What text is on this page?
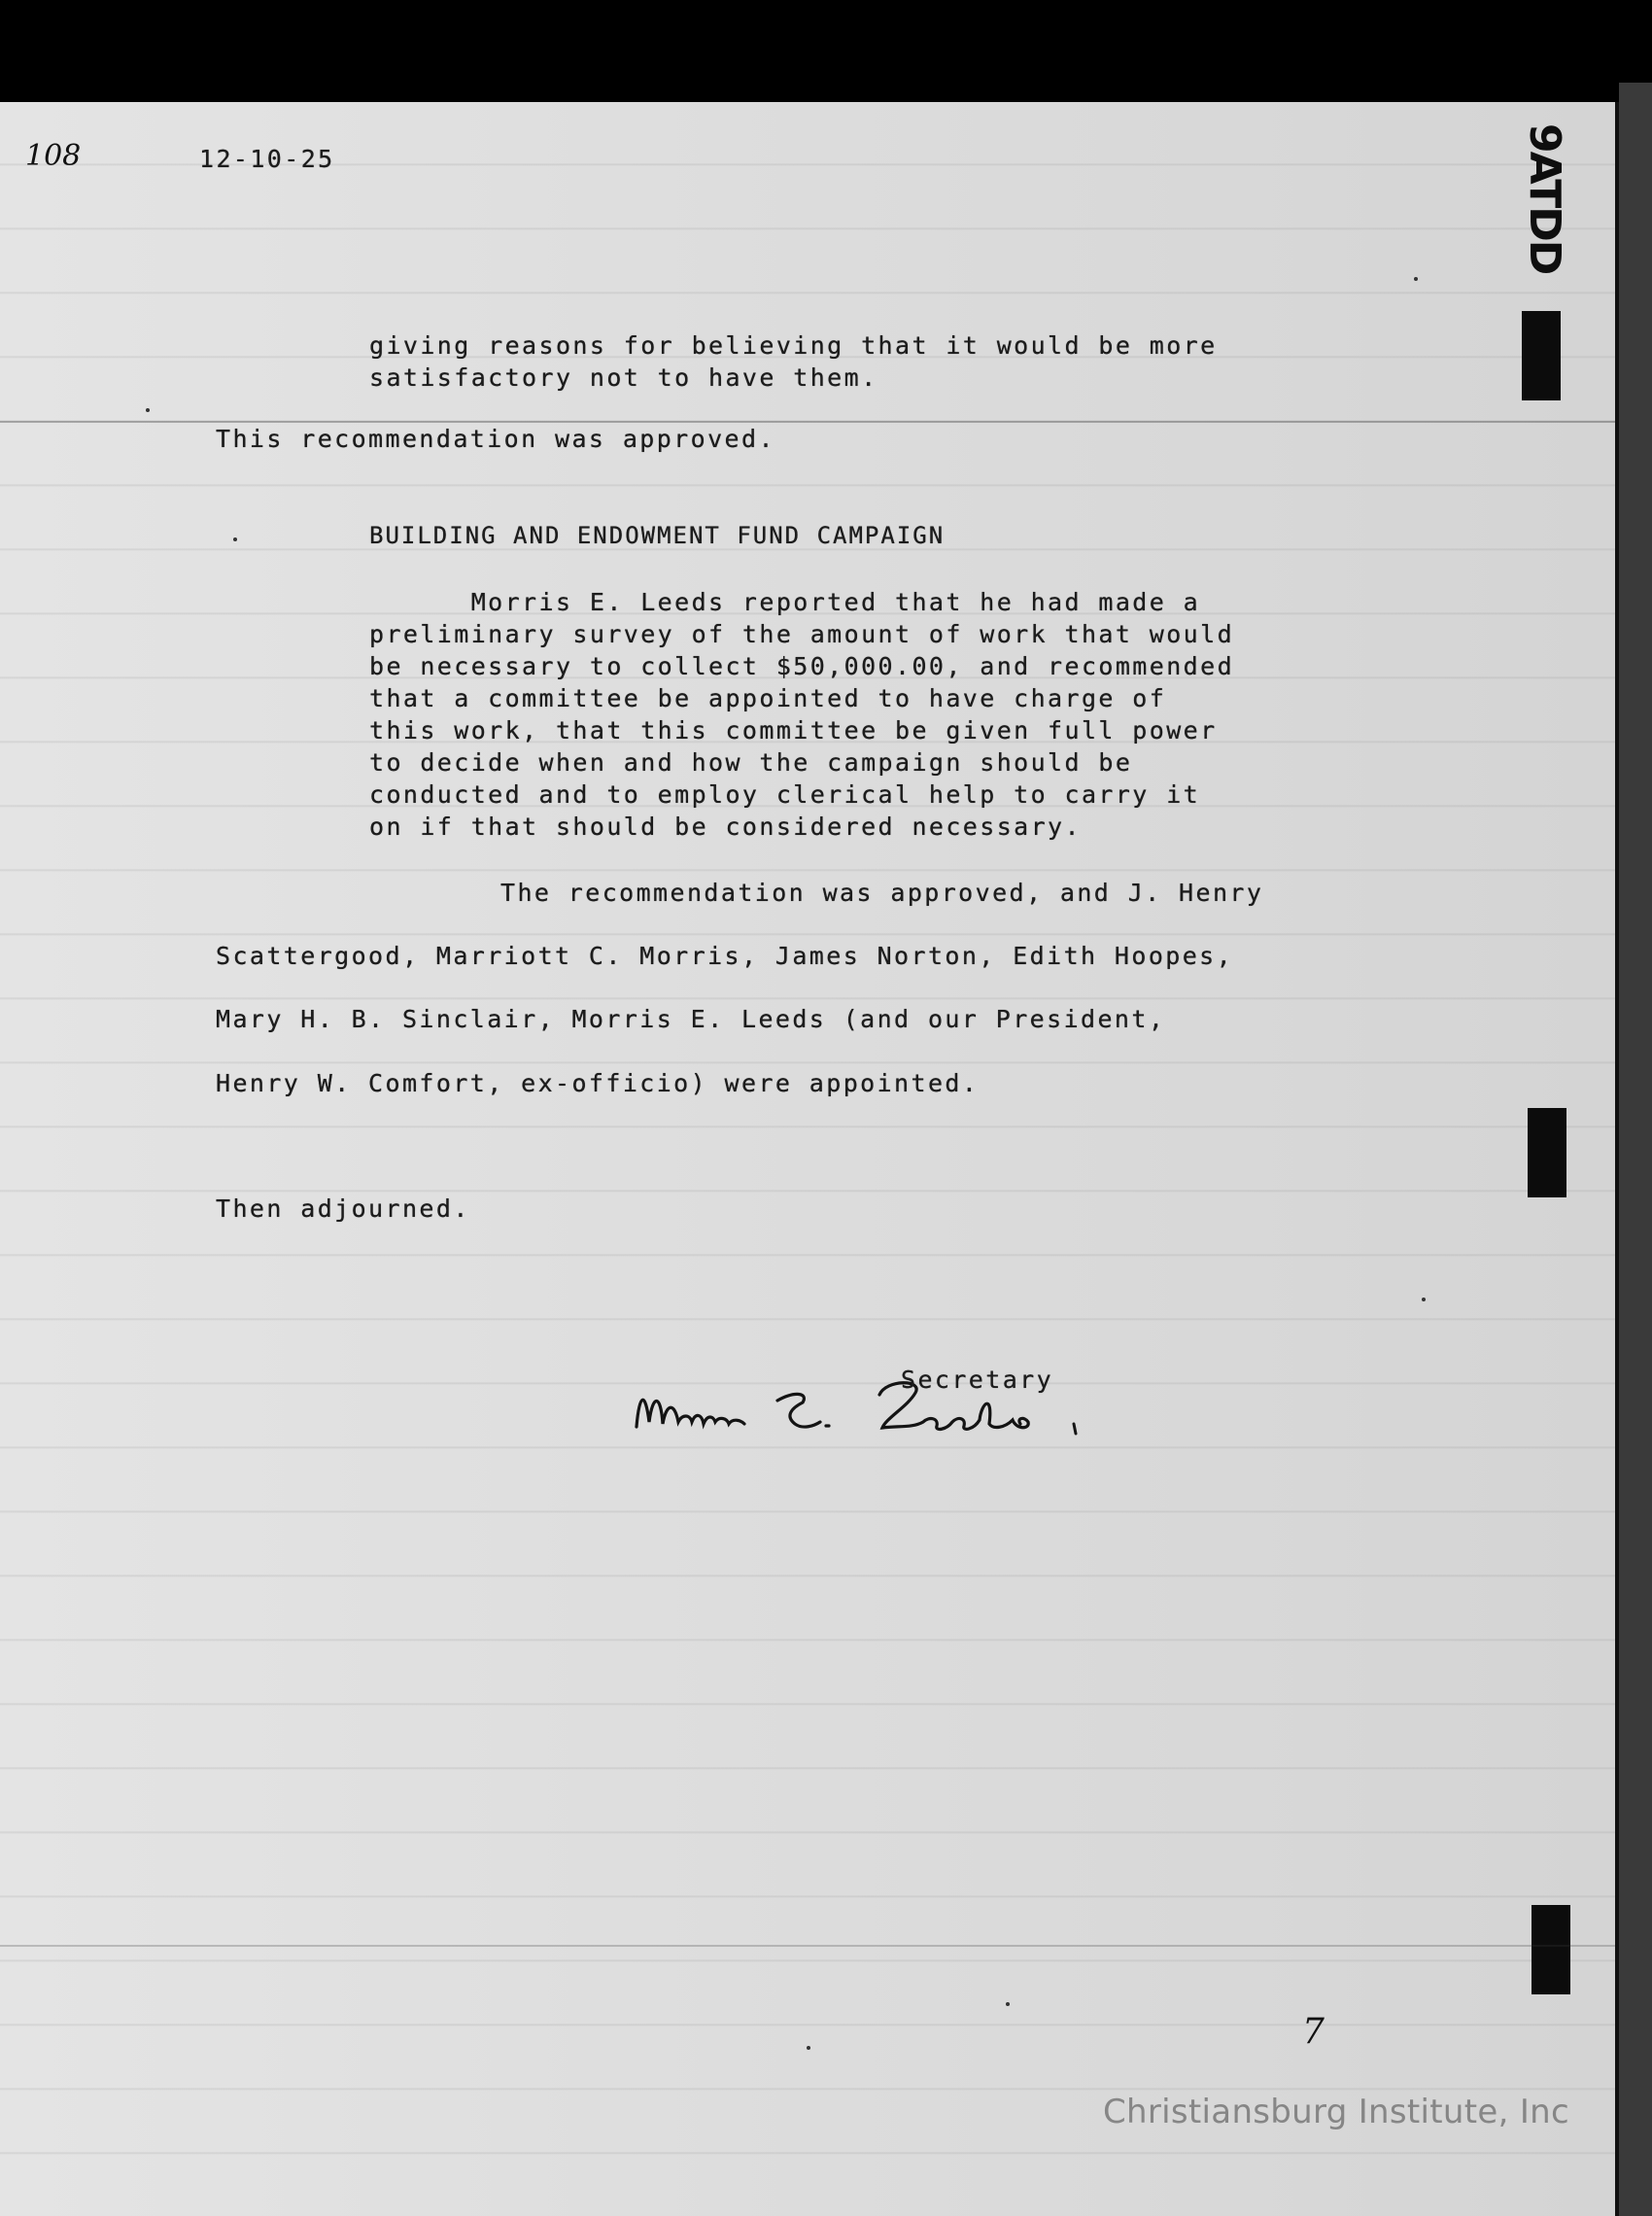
108	12-10-25	9ATDD

giving reasons for believing that it would be more

satisfactory not to have them.

This recommendation was approved.

BUILDING AND ENDOWMENT FUND CAMPAIGN

Morris E. Leeds reported that he had made a

preliminary survey of the amount of work that would

be necessary to collect $50,000.00, and recommended

that a committee be appointed to have charge of

this work, that this committee be given full power

to decide when and how the campaign should be

conducted and to employ clerical help to carry it

on if that should be considered necessary.

The recommendation was approved, and J. Henry

Scattergood, Marriott C. Morris, James Norton, Edith Hoopes,

Mary H. B. Sinclair, Morris E. Leeds (and our President,

Henry W. Comfort, ex-officio) were appointed.

Then adjourned.

Morris E. Leeds	Secretary

7
Christiansburg Institute, Inc
